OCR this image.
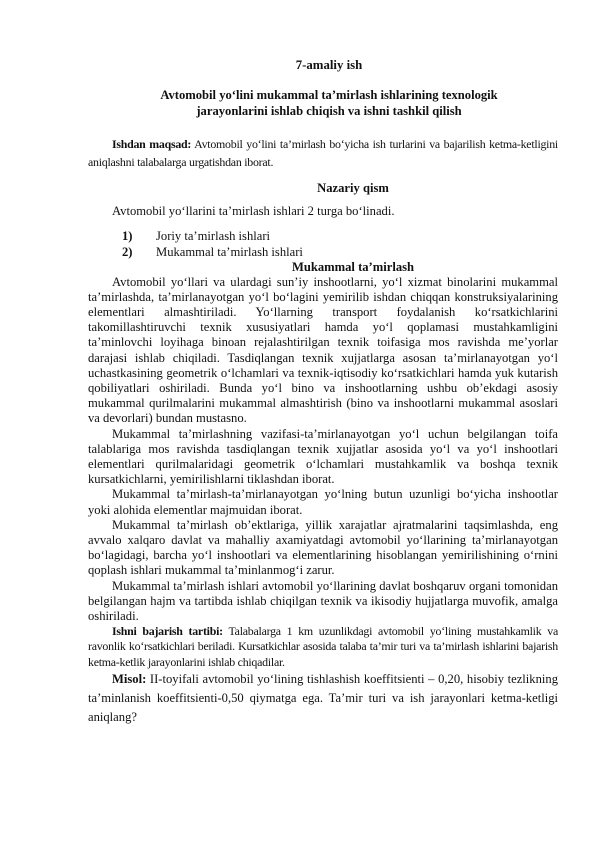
7-amaliy ish
Avtomobil yo‘lini mukammal ta’mirlash ishlarining texnologik
jarayonlarini ishlab chiqish va ishni tashkil qilish

Ishdan maqsad: Avtomobil yo‘lini ta’mirlash bo‘yicha ish turlarini va bajarilish ketma-ketligini aniqlashni talabalarga urgatishdan iborat.

Nazariy qism

Avtomobil yo‘llarini ta’mirlash ishlari 2 turga bo‘linadi.

1)	Joriy ta’mirlash ishlari
2)	Mukammal ta’mirlash ishlari
Mukammal ta’mirlash

Avtomobil yo‘llari va ulardagi sun’iy inshootlarni, yo‘l xizmat binolarini mukammal ta’mirlashda, ta’mirlanayotgan yo‘l bo‘lagini yemirilib ishdan chiqqan konstruksiyalarining elementlari almashtiriladi. Yo‘llarning transport foydalanish ko‘rsatkichlarini takomillashtiruvchi texnik xususiyatlari hamda yo‘l qoplamasi mustahkamligini ta’minlovchi loyihaga binoan rejalashtirilgan texnik toifasiga mos ravishda me’yorlar darajasi ishlab chiqiladi. Tasdiqlangan texnik xujjatlarga asosan ta’mirlanayotgan yo‘l uchastkasining geometrik o‘lchamlari va texnik-iqtisodiy ko‘rsatkichlari hamda yuk kutarish qobiliyatlari oshiriladi. Bunda yo‘l bino va inshootlarning ushbu ob’ekdagi asosiy mukammal qurilmalarini mukammal almashtirish (bino va inshootlarni mukammal asoslari va devorlari) bundan mustasno.

Mukammal ta’mirlashning vazifasi-ta’mirlanayotgan yo‘l uchun belgilangan toifa talablariga mos ravishda tasdiqlangan texnik xujjatlar asosida yo‘l va yo‘l inshootlari elementlari qurilmalaridagi geometrik o‘lchamlari mustahkamlik va boshqa texnik kursatkichlarni, yemirilishlarni tiklashdan iborat.

Mukammal ta’mirlash-ta’mirlanayotgan yo‘lning butun uzunligi bo‘yicha inshootlar yoki alohida elementlar majmuidan iborat.

Mukammal ta’mirlash ob’ektlariga, yillik xarajatlar ajratmalarini taqsimlashda, eng avvalo xalqaro davlat va mahalliy axamiyatdagi avtomobil yo‘llarining ta’mirlanayotgan bo‘lagidagi, barcha yo‘l inshootlari va elementlarining hisoblangan yemirilishining o‘rnini qoplash ishlari mukammal ta’minlanmog‘i zarur.

Mukammal ta’mirlash ishlari avtomobil yo‘llarining davlat boshqaruv organi tomonidan belgilangan hajm va tartibda ishlab chiqilgan texnik va ikisodiy hujjatlarga muvofik, amalga oshiriladi.

Ishni bajarish tartibi: Talabalarga 1 km uzunlikdagi avtomobil yo‘lining mustahkamlik va ravonlik ko‘rsatkichlari beriladi. Kursatkichlar asosida talaba ta’mir turi va ta’mirlash ishlarini bajarish ketma-ketlik jarayonlarini ishlab chiqadilar.

Misol: II-toyifali avtomobil yo‘lining tishlashish koeffitsienti – 0,20, hisobiy tezlikning ta’minlanish koeffitsienti-0,50 qiymatga ega. Ta’mir turi va ish jarayonlari ketma-ketligi aniqlang?
